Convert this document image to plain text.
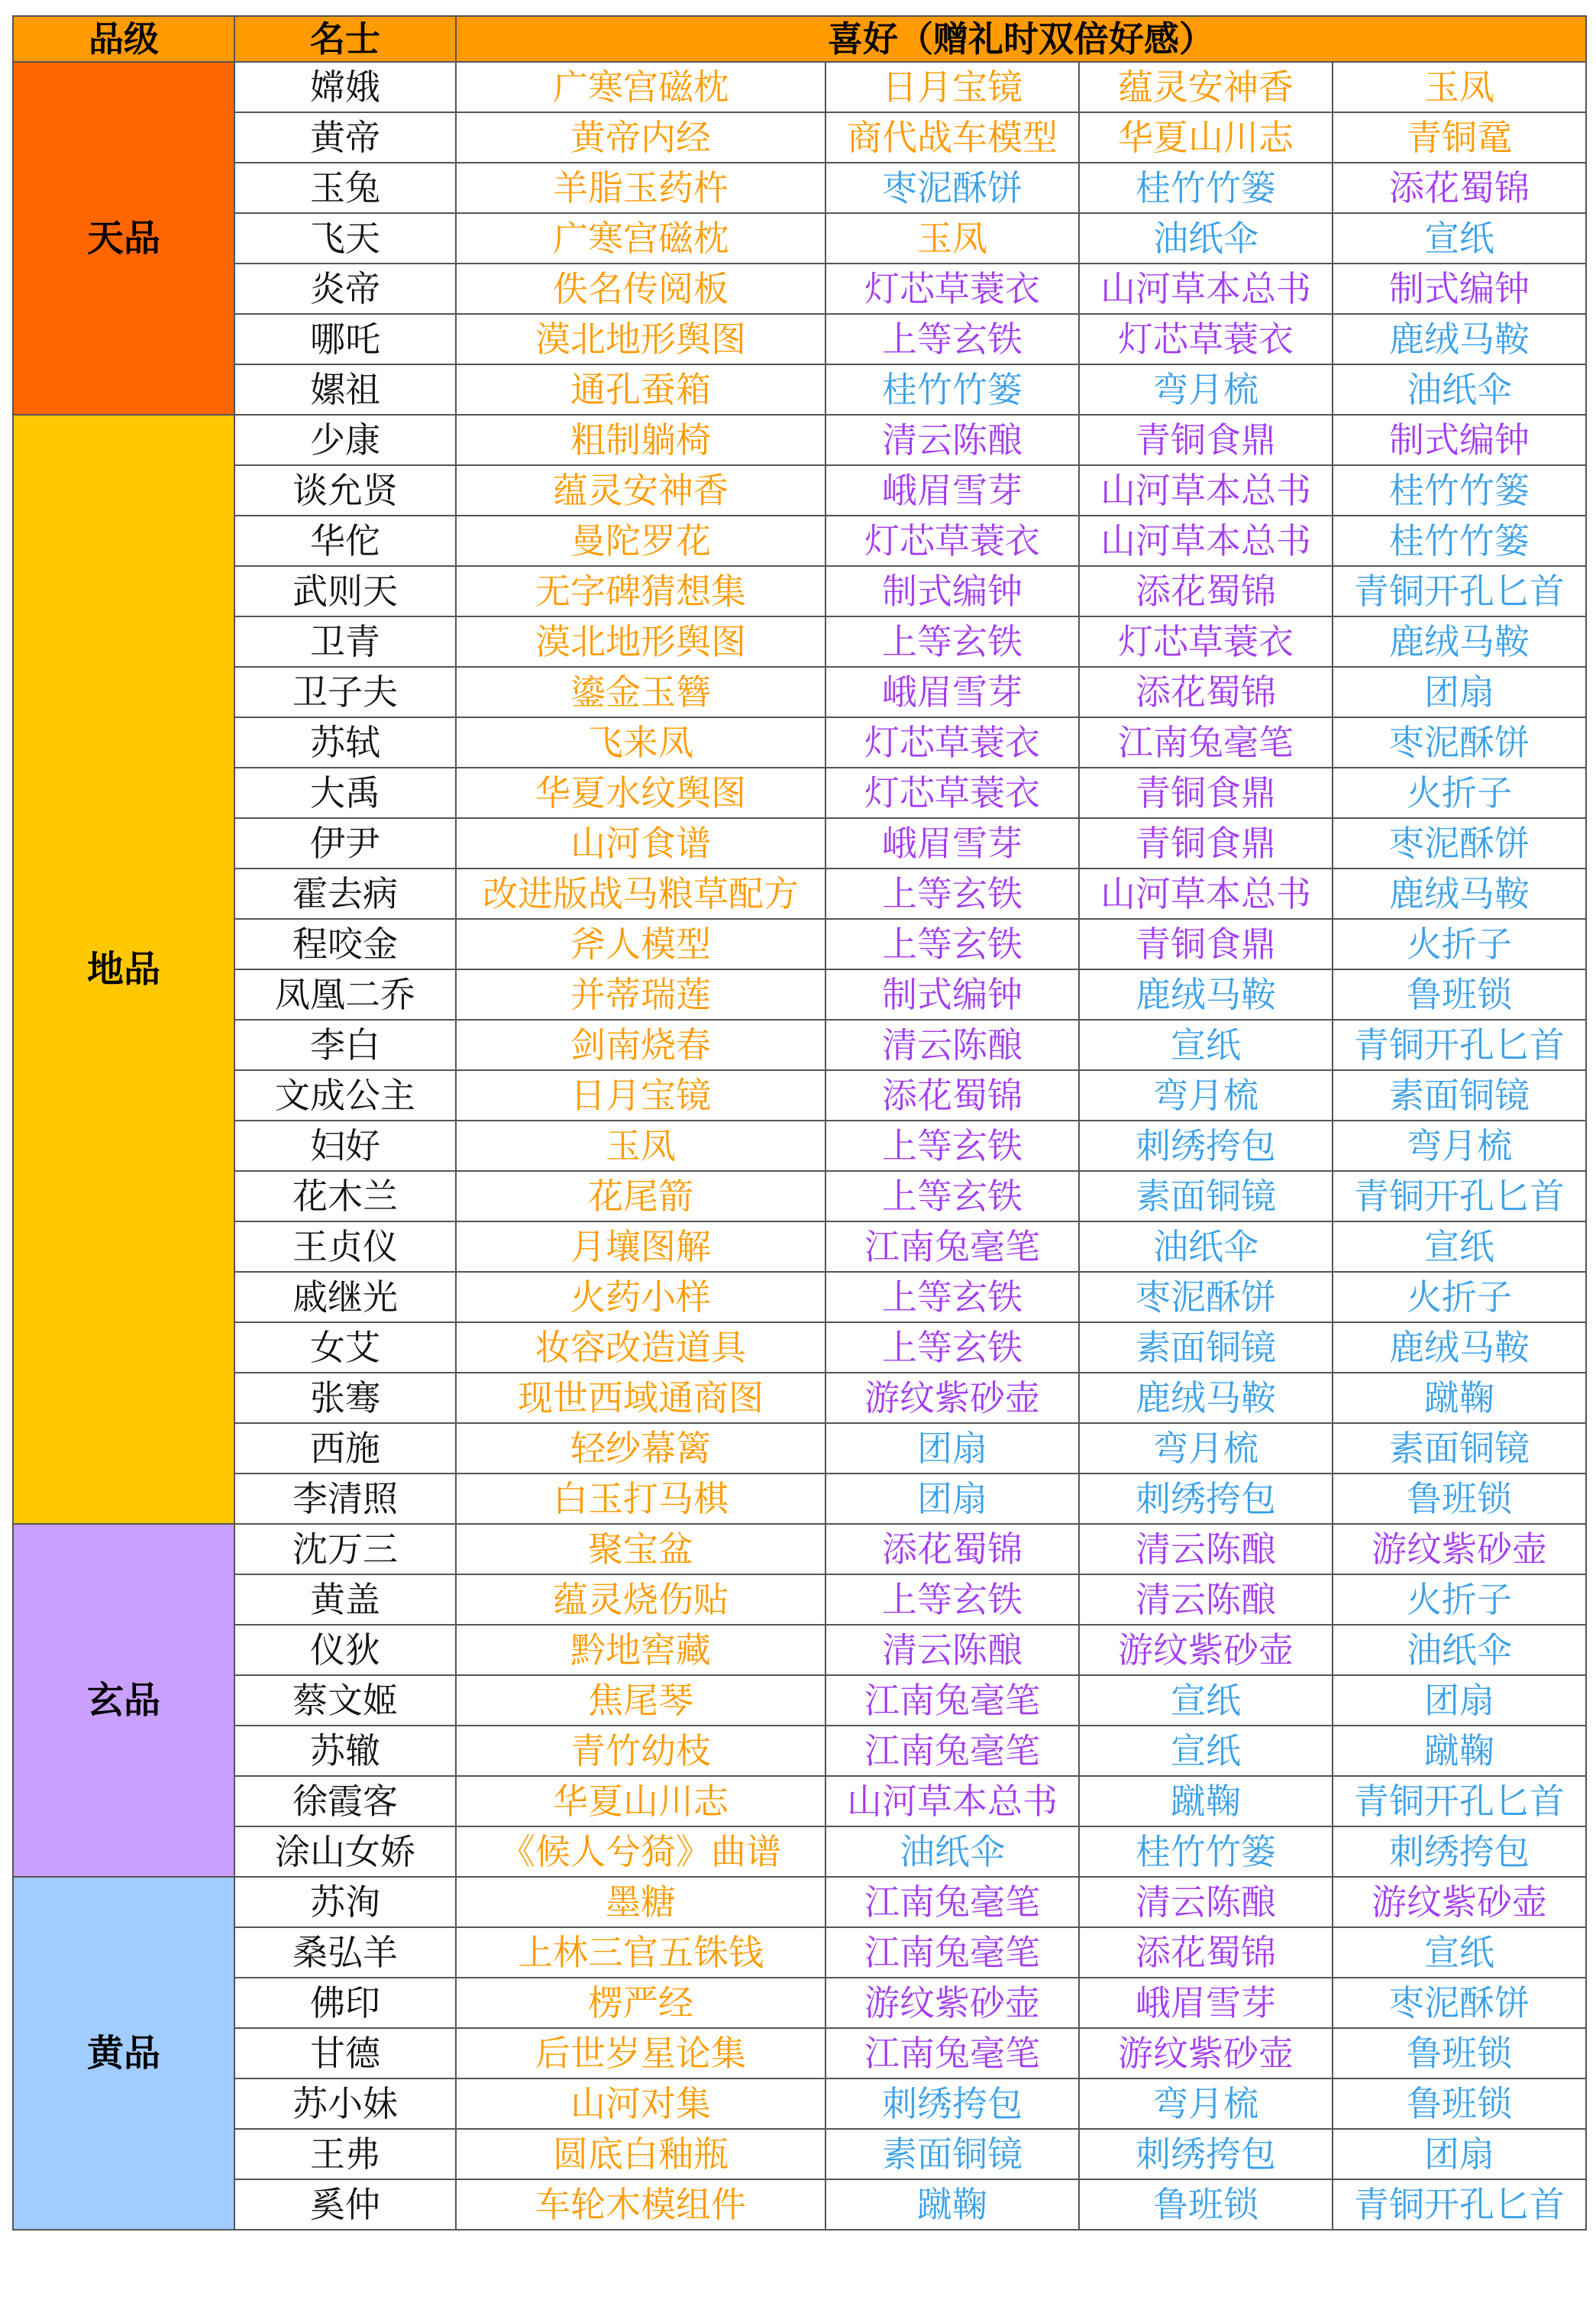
品级	名士	喜好（赠礼时双倍好感）			
天品	嫦娥	广寒宫磁枕	日月宝镜	蕴灵安神香	玉凤
	黄帝	黄帝内经	商代战车模型	华夏山川志	青铜鼋
	玉兔	羊脂玉药杵	枣泥酥饼	桂竹竹篓	添花蜀锦
	飞天	广寒宫磁枕	玉凤	油纸伞	宣纸
	炎帝	佚名传阅板	灯芯草蓑衣	山河草本总书	制式编钟
	哪吒	漠北地形舆图	上等玄铁	灯芯草蓑衣	鹿绒马鞍
	嫘祖	通孔蚕箱	桂竹竹篓	弯月梳	油纸伞
地品	少康	粗制躺椅	清云陈酿	青铜食鼎	制式编钟
	谈允贤	蕴灵安神香	峨眉雪芽	山河草本总书	桂竹竹篓
	华佗	曼陀罗花	灯芯草蓑衣	山河草本总书	桂竹竹篓
	武则天	无字碑猜想集	制式编钟	添花蜀锦	青铜开孔匕首
	卫青	漠北地形舆图	上等玄铁	灯芯草蓑衣	鹿绒马鞍
	卫子夫	鎏金玉簪	峨眉雪芽	添花蜀锦	团扇
	苏轼	飞来凤	灯芯草蓑衣	江南兔毫笔	枣泥酥饼
	大禹	华夏水纹舆图	灯芯草蓑衣	青铜食鼎	火折子
	伊尹	山河食谱	峨眉雪芽	青铜食鼎	枣泥酥饼
	霍去病	改进版战马粮草配方	上等玄铁	山河草本总书	鹿绒马鞍
	程咬金	斧人模型	上等玄铁	青铜食鼎	火折子
	凤凰二乔	并蒂瑞莲	制式编钟	鹿绒马鞍	鲁班锁
	李白	剑南烧春	清云陈酿	宣纸	青铜开孔匕首
	文成公主	日月宝镜	添花蜀锦	弯月梳	素面铜镜
	妇好	玉凤	上等玄铁	刺绣挎包	弯月梳
	花木兰	花尾箭	上等玄铁	素面铜镜	青铜开孔匕首
	王贞仪	月壤图解	江南兔毫笔	油纸伞	宣纸
	戚继光	火药小样	上等玄铁	枣泥酥饼	火折子
	女艾	妆容改造道具	上等玄铁	素面铜镜	鹿绒马鞍
	张骞	现世西域通商图	游纹紫砂壶	鹿绒马鞍	蹴鞠
	西施	轻纱幕篱	团扇	弯月梳	素面铜镜
	李清照	白玉打马棋	团扇	刺绣挎包	鲁班锁
玄品	沈万三	聚宝盆	添花蜀锦	清云陈酿	游纹紫砂壶
	黄盖	蕴灵烧伤贴	上等玄铁	清云陈酿	火折子
	仪狄	黔地窖藏	清云陈酿	游纹紫砂壶	油纸伞
	蔡文姬	焦尾琴	江南兔毫笔	宣纸	团扇
	苏辙	青竹幼枝	江南兔毫笔	宣纸	蹴鞠
	徐霞客	华夏山川志	山河草本总书	蹴鞠	青铜开孔匕首
	涂山女娇	《候人兮猗》曲谱	油纸伞	桂竹竹篓	刺绣挎包
黄品	苏洵	墨糖	江南兔毫笔	清云陈酿	游纹紫砂壶
	桑弘羊	上林三官五铢钱	江南兔毫笔	添花蜀锦	宣纸
	佛印	楞严经	游纹紫砂壶	峨眉雪芽	枣泥酥饼
	甘德	后世岁星论集	江南兔毫笔	游纹紫砂壶	鲁班锁
	苏小妹	山河对集	刺绣挎包	弯月梳	鲁班锁
	王弗	圆底白釉瓶	素面铜镜	刺绣挎包	团扇
	奚仲	车轮木模组件	蹴鞠	鲁班锁	青铜开孔匕首
